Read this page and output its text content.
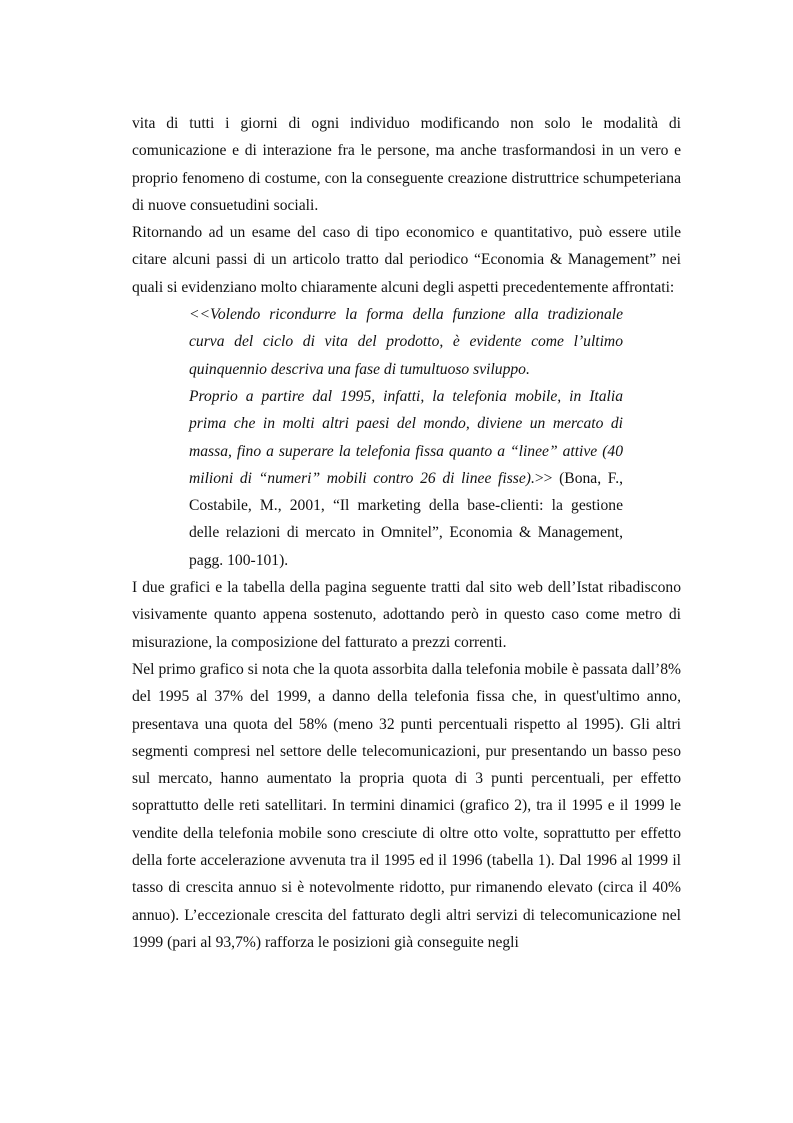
vita di tutti i giorni di ogni individuo modificando non solo le modalità di comunicazione e di interazione fra le persone, ma anche trasformandosi in un vero e proprio fenomeno di costume, con la conseguente creazione distruttrice schumpeteriana di nuove consuetudini sociali.

Ritornando ad un esame del caso di tipo economico e quantitativo, può essere utile citare alcuni passi di un articolo tratto dal periodico “Economia & Management” nei quali si evidenziano molto chiaramente alcuni degli aspetti precedentemente affrontati:

<<Volendo ricondurre la forma della funzione alla tradizionale curva del ciclo di vita del prodotto, è evidente come l’ultimo quinquennio descriva una fase di tumultuoso sviluppo.

Proprio a partire dal 1995, infatti, la telefonia mobile, in Italia prima che in molti altri paesi del mondo, diviene un mercato di massa, fino a superare la telefonia fissa quanto a “linee” attive (40 milioni di “numeri” mobili contro 26 di linee fisse).>> (Bona, F., Costabile, M., 2001, “Il marketing della base-clienti: la gestione delle relazioni di mercato in Omnitel”, Economia & Management, pagg. 100-101).

I due grafici e la tabella della pagina seguente tratti dal sito web dell’Istat ribadiscono visivamente quanto appena sostenuto, adottando però in questo caso come metro di misurazione, la composizione del fatturato a prezzi correnti.

Nel primo grafico si nota che la quota assorbita dalla telefonia mobile è passata dall’8% del 1995 al 37% del 1999, a danno della telefonia fissa che, in quest'ultimo anno, presentava una quota del 58% (meno 32 punti percentuali rispetto al 1995). Gli altri segmenti compresi nel settore delle telecomunicazioni, pur presentando un basso peso sul mercato, hanno aumentato la propria quota di 3 punti percentuali, per effetto soprattutto delle reti satellitari. In termini dinamici (grafico 2), tra il 1995 e il 1999 le vendite della telefonia mobile sono cresciute di oltre otto volte, soprattutto per effetto della forte accelerazione avvenuta tra il 1995 ed il 1996 (tabella 1). Dal 1996 al 1999 il tasso di crescita annuo si è notevolmente ridotto, pur rimanendo elevato (circa il 40% annuo). L’eccezionale crescita del fatturato degli altri servizi di telecomunicazione nel 1999 (pari al 93,7%) rafforza le posizioni già conseguite negli
